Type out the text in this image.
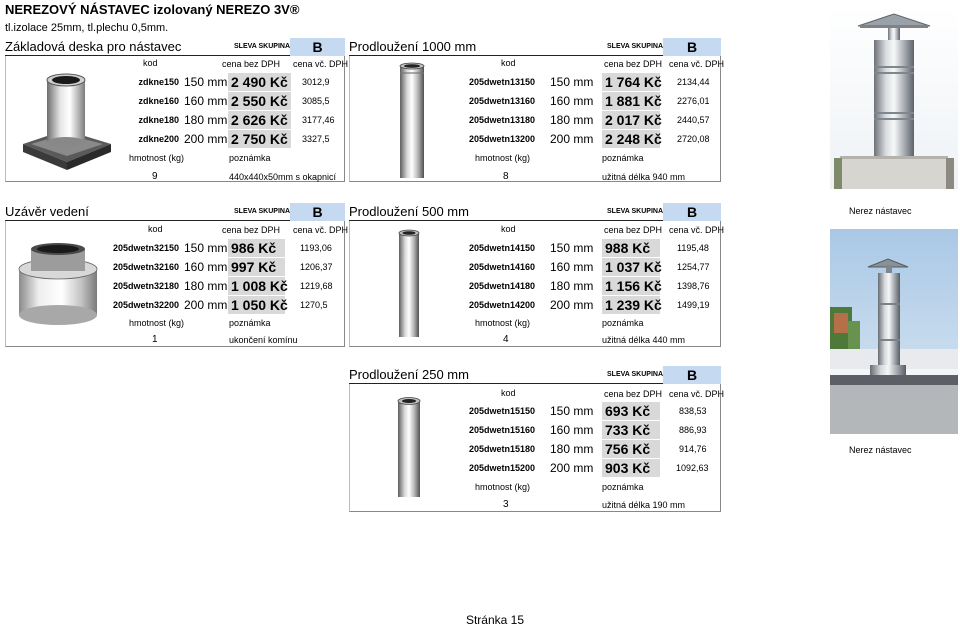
NEREZOVÝ NÁSTAVEC izolovaný NEREZO 3V®
tl.izolace 25mm, tl.plechu 0,5mm.
Základová deska pro nástavec	SLEVA SKUPINA	B
kod	cena bez DPH cena vč. DPH
zdkne150 150 mm 2 490 Kč	3012,9
zdkne160 160 mm 2 550 Kč	3085,5
zdkne180 180 mm 2 626 Kč	3177,46
zdkne200 200 mm 2 750 Kč	3327,5
hmotnost (kg)	poznámka
9	440x440x50mm s okapnicí
Prodloužení 1000 mm	SLEVA SKUPINA	B
kod	cena bez DPH cena vč. DPH
205dwetn13150 150 mm 1 764 Kč 2134,44
205dwetn13160 160 mm 1 881 Kč 2276,01
205dwetn13180 180 mm 2 017 Kč 2440,57
205dwetn13200 200 mm 2 248 Kč 2720,08
hmotnost (kg)	poznámka
8	užitná délka 940 mm
Uzávěr vedení	SLEVA SKUPINA	B
kod	cena bez DPH cena vč. DPH
205dwetn32150 150 mm 986 Kč	1193,06
205dwetn32160 160 mm 997 Kč	1206,37
205dwetn32180 180 mm 1 008 Kč 1219,68
205dwetn32200 200 mm 1 050 Kč 1270,5
hmotnost (kg)	poznámka
1	ukončení komínu
Prodloužení 500 mm	SLEVA SKUPINA	B
kod	cena bez DPH cena vč. DPH
205dwetn14150 150 mm 988 Kč	1195,48
205dwetn14160 160 mm 1 037 Kč 1254,77
205dwetn14180 180 mm 1 156 Kč 1398,76
205dwetn14200 200 mm 1 239 Kč 1499,19
hmotnost (kg)	poznámka
4	užitná délka 440 mm
Prodloužení 250 mm	SLEVA SKUPINA	B
kod	cena bez DPH cena vč. DPH
205dwetn15150 150 mm 693 Kč	838,53
205dwetn15160 160 mm 733 Kč	886,93
205dwetn15180 180 mm 756 Kč	914,76
205dwetn15200 200 mm 903 Kč	1092,63
hmotnost (kg)	poznámka
3	užitná délka 190 mm
Nerez nástavec
Nerez nástavec
Stránka 15
